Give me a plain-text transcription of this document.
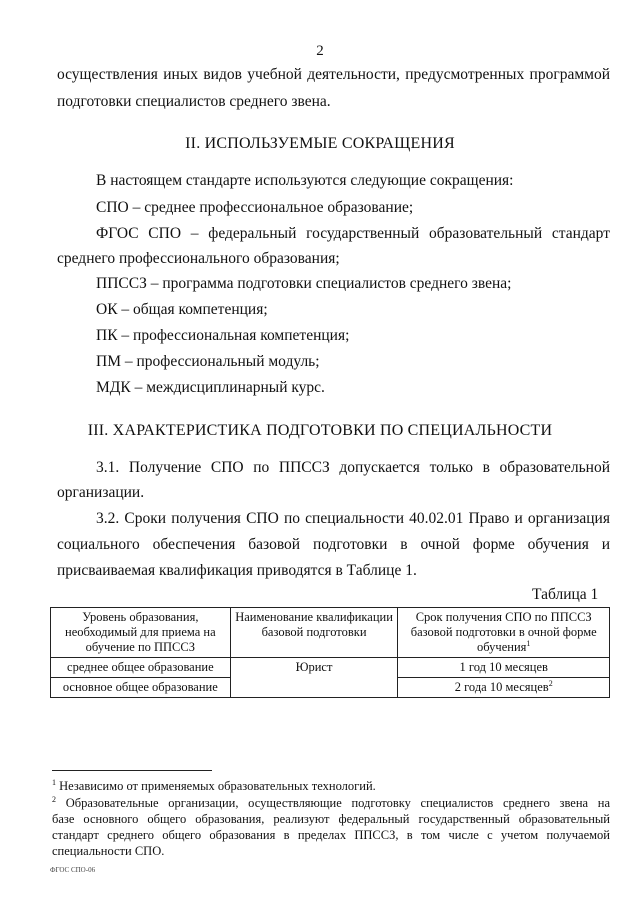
2
осуществления иных видов учебной деятельности, предусмотренных программой
подготовки специалистов среднего звена.
II. ИСПОЛЬЗУЕМЫЕ СОКРАЩЕНИЯ
В настоящем стандарте используются следующие сокращения:
СПО – среднее профессиональное образование;
ФГОС СПО – федеральный государственный образовательный стандарт
среднего профессионального образования;
ППССЗ – программа подготовки специалистов среднего звена;
ОК – общая компетенция;
ПК – профессиональная компетенция;
ПМ – профессиональный модуль;
МДК – междисциплинарный курс.
III. ХАРАКТЕРИСТИКА ПОДГОТОВКИ ПО СПЕЦИАЛЬНОСТИ
3.1. Получение СПО по ППССЗ допускается только в образовательной
организации.
3.2. Сроки получения СПО по специальности 40.02.01 Право и организация
социального обеспечения базовой подготовки в очной форме обучения и
присваиваемая квалификация приводятся в Таблице 1.
Таблица 1
Уровень образования, необходимый для приема на обучение по ППССЗ	Наименование квалификации базовой подготовки	Срок получения СПО по ППССЗ базовой подготовки в очной форме обучения$^1$
среднее общее образование	Юрист	1 год 10 месяцев
основное общее образование		2 года 10 месяцев$^2$
$^1$ Независимо от применяемых образовательных технологий.
$^2$ Образовательные организации, осуществляющие подготовку специалистов среднего звена на
базе основного общего образования, реализуют федеральный государственный образовательный
стандарт среднего общего образования в пределах ППССЗ, в том числе с учетом получаемой
специальности СПО.
ФГОС СПО-06
